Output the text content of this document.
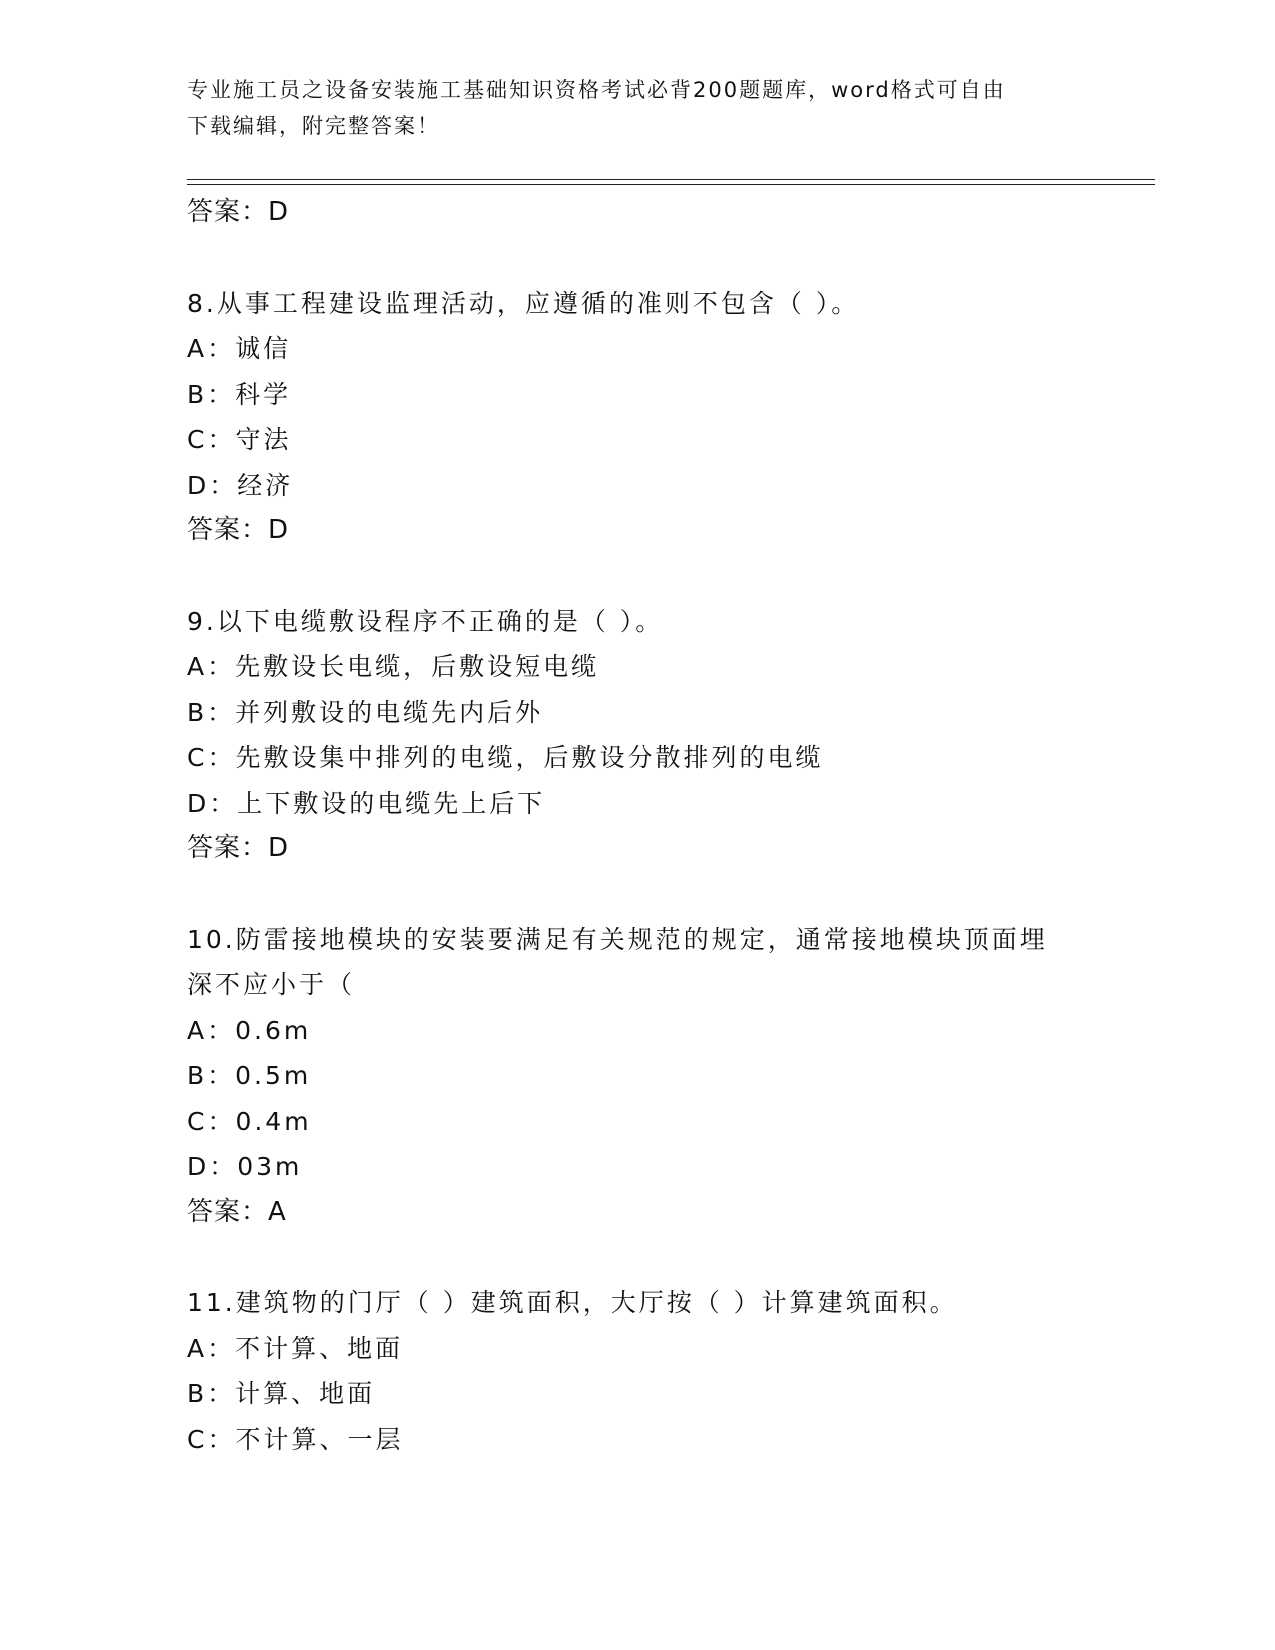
专业施工员之设备安装施工基础知识资格考试必背200题题库，word格式可自由
下载编辑，附完整答案！
答案：D
8.从事工程建设监理活动，应遵循的准则不包含（ ）。
A：诚信
B：科学
C：守法
D：经济
答案：D
9.以下电缆敷设程序不正确的是（ ）。
A：先敷设长电缆，后敷设短电缆
B：并列敷设的电缆先内后外
C：先敷设集中排列的电缆，后敷设分散排列的电缆
D：上下敷设的电缆先上后下
答案：D
10.防雷接地模块的安装要满足有关规范的规定，通常接地模块顶面埋
深不应小于（
A：0.6m
B：0.5m
C：0.4m
D：03m
答案：A
11.建筑物的门厅（ ）建筑面积，大厅按（ ）计算建筑面积。
A：不计算、地面
B：计算、地面
C：不计算、一层
